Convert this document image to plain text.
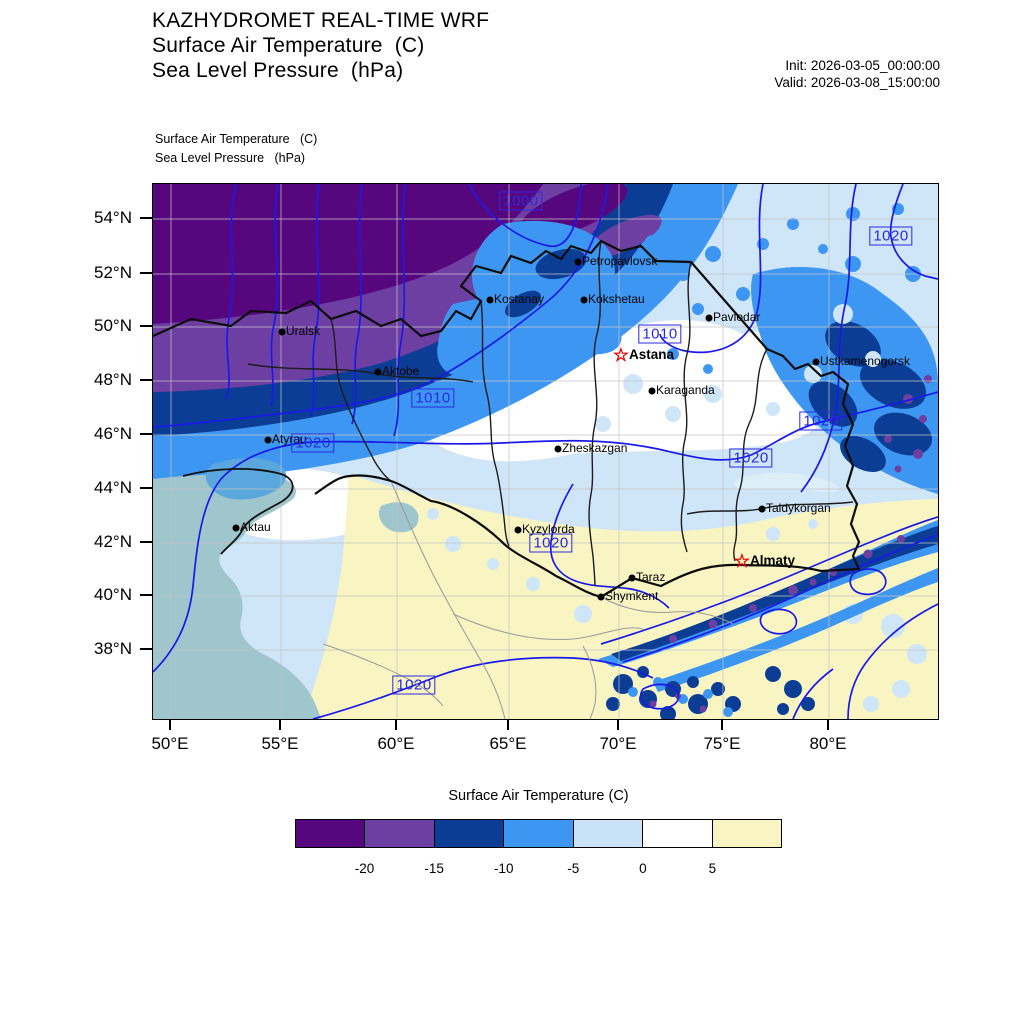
KAZHYDROMET REAL-TIME WRF
Surface Air Temperature  (C)
Sea Level Pressure  (hPa)	Init: 2026-03-05_00:00:00
Valid: 2026-03-08_15:00:00
Surface Air Temperature   (C)
Sea Level Pressure   (hPa)
Petropavlovsk
Kostanay	Kokshetau
Pavlodar
Karaganda
Zheskazgan
Uralsk
Aktobe
Ustkamenogorsk
Atyrau
Aktau	Kyzylorda
Taldykorgan
Taraz
Shymkent
☆ Astana
☆ Almaty
1000
1020
1010
1010
1020
1020
1020
1020
1020
54°N
52°N
50°N
48°N
46°N
44°N
42°N
40°N
38°N
50°E	55°E	60°E	65°E	70°E	75°E	80°E
Surface Air Temperature (C)
-20	-15	-10	-5	0	5
